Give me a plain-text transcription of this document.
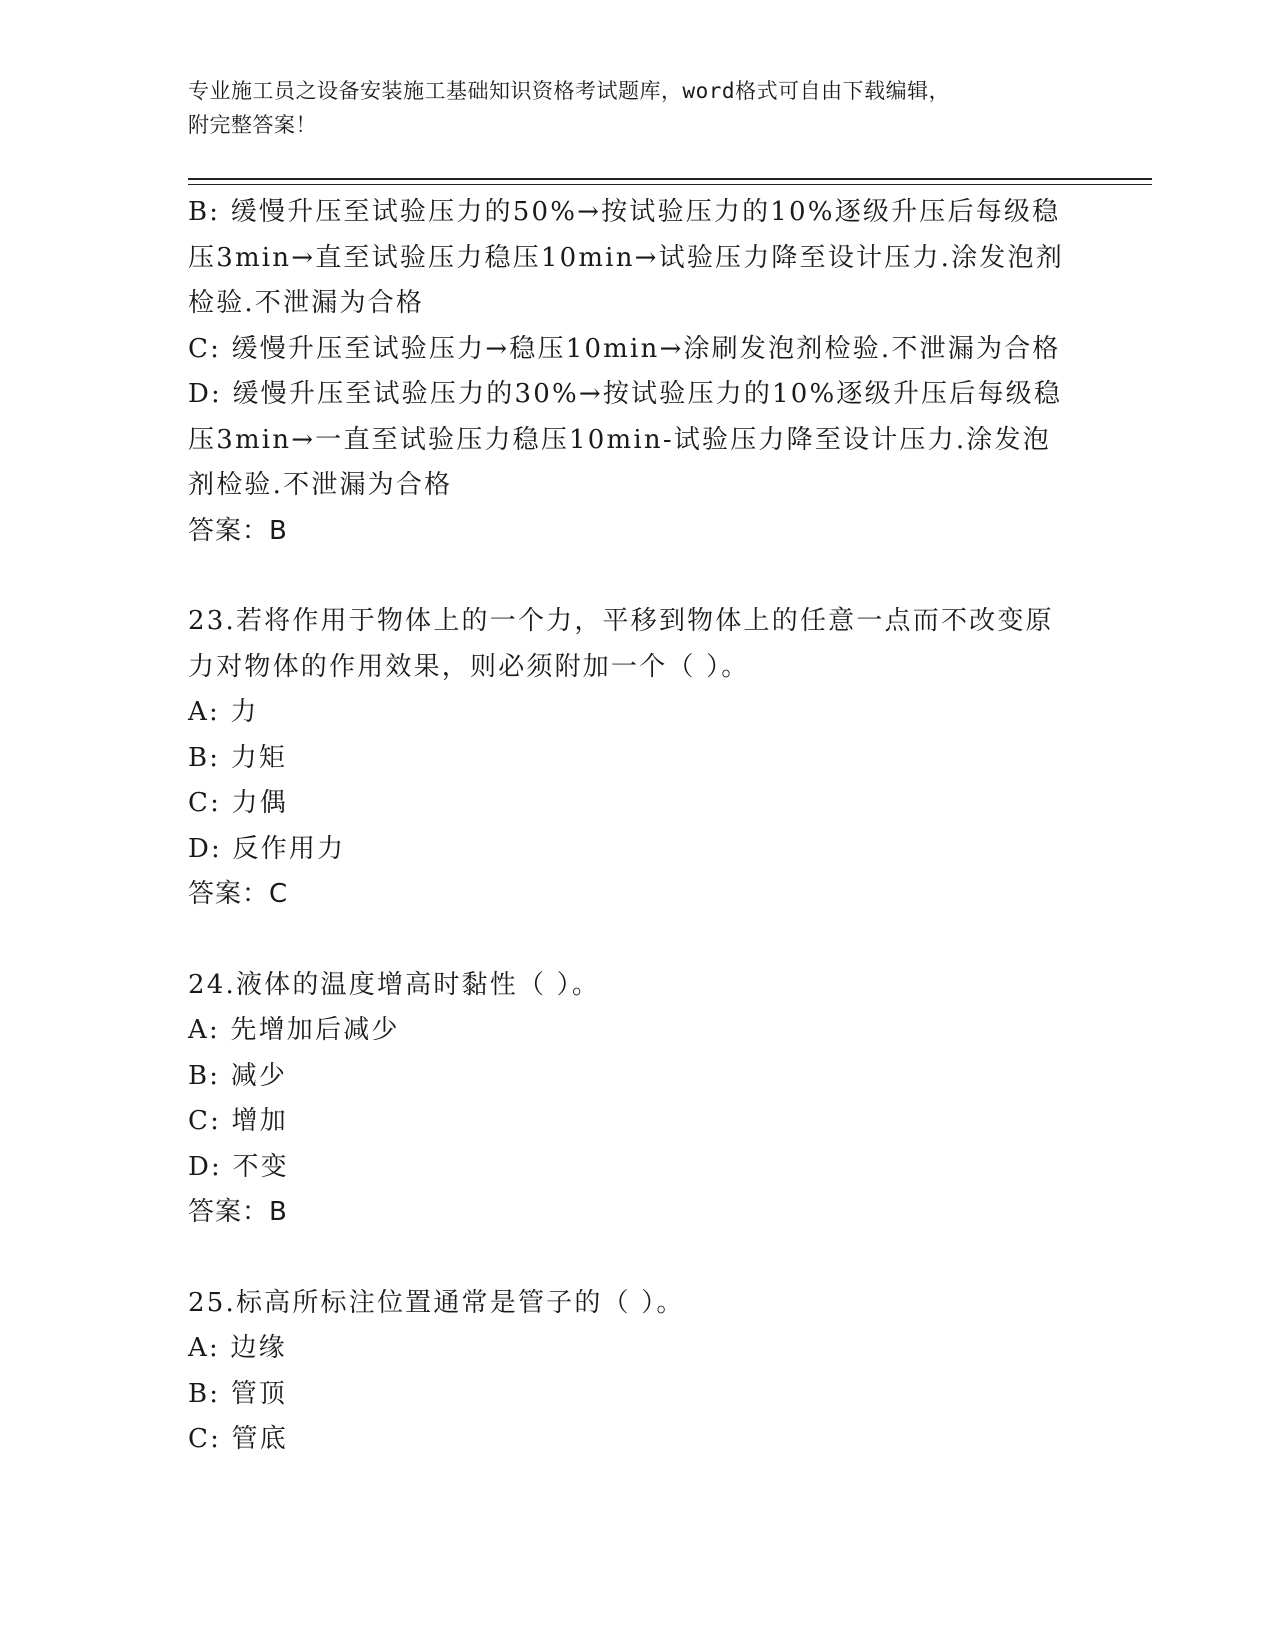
专业施工员之设备安装施工基础知识资格考试题库，word格式可自由下载编辑，
附完整答案！
B: 缓慢升压至试验压力的50%→按试验压力的10%逐级升压后每级稳
压3min→直至试验压力稳压10min→试验压力降至设计压力.涂发泡剂
检验.不泄漏为合格
C: 缓慢升压至试验压力→稳压10min→涂刷发泡剂检验.不泄漏为合格
D: 缓慢升压至试验压力的30%→按试验压力的10%逐级升压后每级稳
压3min→一直至试验压力稳压10min-试验压力降至设计压力.涂发泡
剂检验.不泄漏为合格
答案：B
23.若将作用于物体上的一个力，平移到物体上的任意一点而不改变原
力对物体的作用效果，则必须附加一个（ ）。
A: 力
B: 力矩
C: 力偶
D: 反作用力
答案：C
24.液体的温度增高时黏性（ ）。
A: 先增加后减少
B: 减少
C: 增加
D: 不变
答案：B
25.标高所标注位置通常是管子的（ ）。
A: 边缘
B: 管顶
C: 管底
